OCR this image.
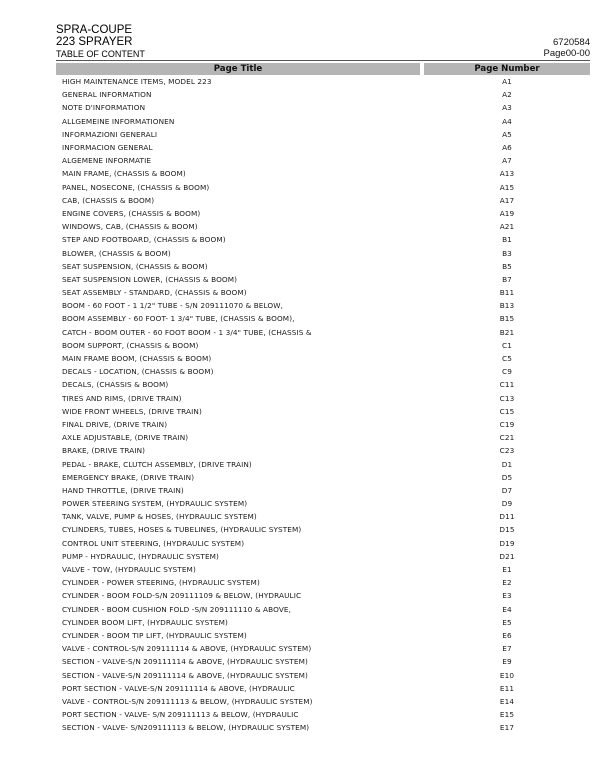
SPRA-COUPE
223 SPRAYER	6720584
TABLE OF CONTENT	Page00-00
Page Title		Page Number
HIGH MAINTENANCE ITEMS, MODEL 223		A1
GENERAL INFORMATION		A2
NOTE D'INFORMATION		A3
ALLGEMEINE INFORMATIONEN		A4
INFORMAZIONI GENERALI		A5
INFORMACION GENERAL		A6
ALGEMENE INFORMATIE		A7
MAIN FRAME, (CHASSIS & BOOM)		A13
PANEL, NOSECONE, (CHASSIS & BOOM)		A15
CAB, (CHASSIS & BOOM)		A17
ENGINE COVERS, (CHASSIS & BOOM)		A19
WINDOWS, CAB, (CHASSIS & BOOM)		A21
STEP AND FOOTBOARD, (CHASSIS & BOOM)		B1
BLOWER, (CHASSIS & BOOM)		B3
SEAT SUSPENSION, (CHASSIS & BOOM)		B5
SEAT SUSPENSION LOWER, (CHASSIS & BOOM)		B7
SEAT ASSEMBLY - STANDARD, (CHASSIS & BOOM)		B11
BOOM - 60 FOOT - 1 1/2" TUBE - S/N 209111070 & BELOW,		B13
BOOM ASSEMBLY - 60 FOOT- 1 3/4" TUBE, (CHASSIS & BOOM),		B15
CATCH - BOOM OUTER - 60 FOOT BOOM - 1 3/4" TUBE, (CHASSIS &		B21
BOOM SUPPORT, (CHASSIS & BOOM)		C1
MAIN FRAME BOOM, (CHASSIS & BOOM)		C5
DECALS - LOCATION, (CHASSIS & BOOM)		C9
DECALS, (CHASSIS & BOOM)		C11
TIRES AND RIMS, (DRIVE TRAIN)		C13
WIDE FRONT WHEELS, (DRIVE TRAIN)		C15
FINAL DRIVE, (DRIVE TRAIN)		C19
AXLE ADJUSTABLE, (DRIVE TRAIN)		C21
BRAKE, (DRIVE TRAIN)		C23
PEDAL - BRAKE, CLUTCH ASSEMBLY, (DRIVE TRAIN)		D1
EMERGENCY BRAKE, (DRIVE TRAIN)		D5
HAND THROTTLE, (DRIVE TRAIN)		D7
POWER STEERING SYSTEM, (HYDRAULIC SYSTEM)		D9
TANK, VALVE, PUMP & HOSES, (HYDRAULIC SYSTEM)		D11
CYLINDERS, TUBES, HOSES & TUBELINES, (HYDRAULIC SYSTEM)		D15
CONTROL UNIT STEERING, (HYDRAULIC SYSTEM)		D19
PUMP - HYDRAULIC, (HYDRAULIC SYSTEM)		D21
VALVE - TOW, (HYDRAULIC SYSTEM)		E1
CYLINDER - POWER STEERING, (HYDRAULIC SYSTEM)		E2
CYLINDER - BOOM FOLD-S/N 209111109 & BELOW, (HYDRAULIC		E3
CYLINDER - BOOM CUSHION FOLD -S/N 209111110 & ABOVE,		E4
CYLINDER BOOM LIFT, (HYDRAULIC SYSTEM)		E5
CYLINDER - BOOM TIP LIFT, (HYDRAULIC SYSTEM)		E6
VALVE - CONTROL-S/N 209111114 & ABOVE, (HYDRAULIC SYSTEM)		E7
SECTION - VALVE-S/N 209111114 & ABOVE, (HYDRAULIC SYSTEM)		E9
SECTION - VALVE-S/N 209111114 & ABOVE, (HYDRAULIC SYSTEM)		E10
PORT SECTION - VALVE-S/N 209111114 & ABOVE, (HYDRAULIC		E11
VALVE - CONTROL-S/N 209111113 & BELOW, (HYDRAULIC SYSTEM)		E14
PORT SECTION - VALVE- S/N 209111113 & BELOW, (HYDRAULIC		E15
SECTION - VALVE- S/N209111113 & BELOW, (HYDRAULIC SYSTEM)		E17
